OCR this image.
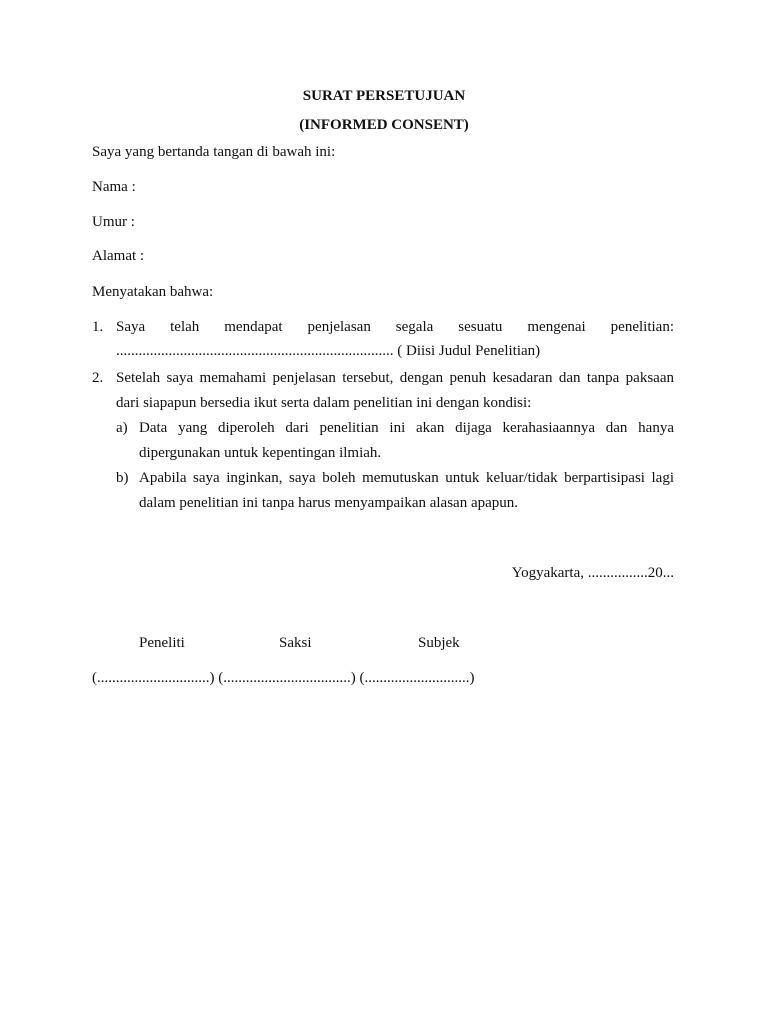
SURAT PERSETUJUAN
(INFORMED CONSENT)
Saya yang bertanda tangan di bawah ini:
Nama :
Umur :
Alamat :
Menyatakan bahwa:
1. Saya telah mendapat penjelasan segala sesuatu mengenai penelitian:
.......................................................................... ( Diisi Judul Penelitian)
2. Setelah saya memahami penjelasan tersebut, dengan penuh kesadaran dan tanpa paksaan
dari siapapun bersedia ikut serta dalam penelitian ini dengan kondisi:
a) Data yang diperoleh dari penelitian ini akan dijaga kerahasiaannya dan hanya
dipergunakan untuk kepentingan ilmiah.
b) Apabila saya inginkan, saya boleh memutuskan untuk keluar/tidak berpartisipasi lagi
dalam penelitian ini tanpa harus menyampaikan alasan apapun.
Yogyakarta, ................20...
Peneliti	Saksi	Subjek
(..............................) (..................................) (............................)
